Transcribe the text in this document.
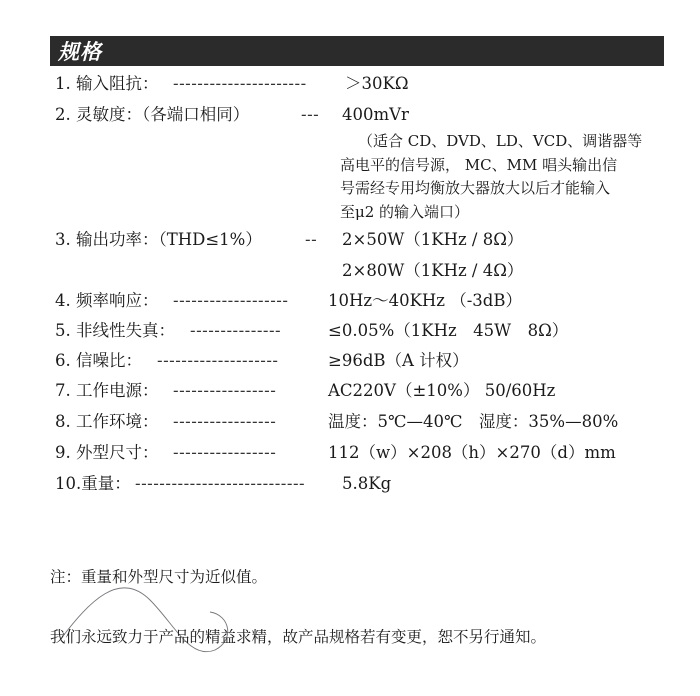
规格
1. 输入阻抗： ---------------------- ＞30KΩ
2. 灵敏度：（各端口相同）	--- 400mVr
（适合 CD、DVD、LD、VCD、调谐器等
高电平的信号源， MC、MM 唱头输出信
号需经专用均衡放大器放大以后才能输入
至μ2 的输入端口）
3. 输出功率：（THD≤1%）	-- 2×50W（1KHz / 8Ω）
2×80W（1KHz / 4Ω）
4. 频率响应： ------------------- 10Hz～40KHz （-3dB）
5. 非线性失真： ---------------	≤0.05%（1KHz　45W　8Ω）
6. 信噪比： --------------------	≥96dB（A 计权）
7. 工作电源： -----------------	AC220V（±10%） 50/60Hz
8. 工作环境： -----------------	温度：5℃—40℃　湿度：35%—80%
9. 外型尺寸： -----------------	112（w）×208（h）×270（d）mm
10.重量： ---------------------------- 5.8Kg
注：重量和外型尺寸为近似值。
我们永远致力于产品的精益求精，故产品规格若有变更，恕不另行通知。
